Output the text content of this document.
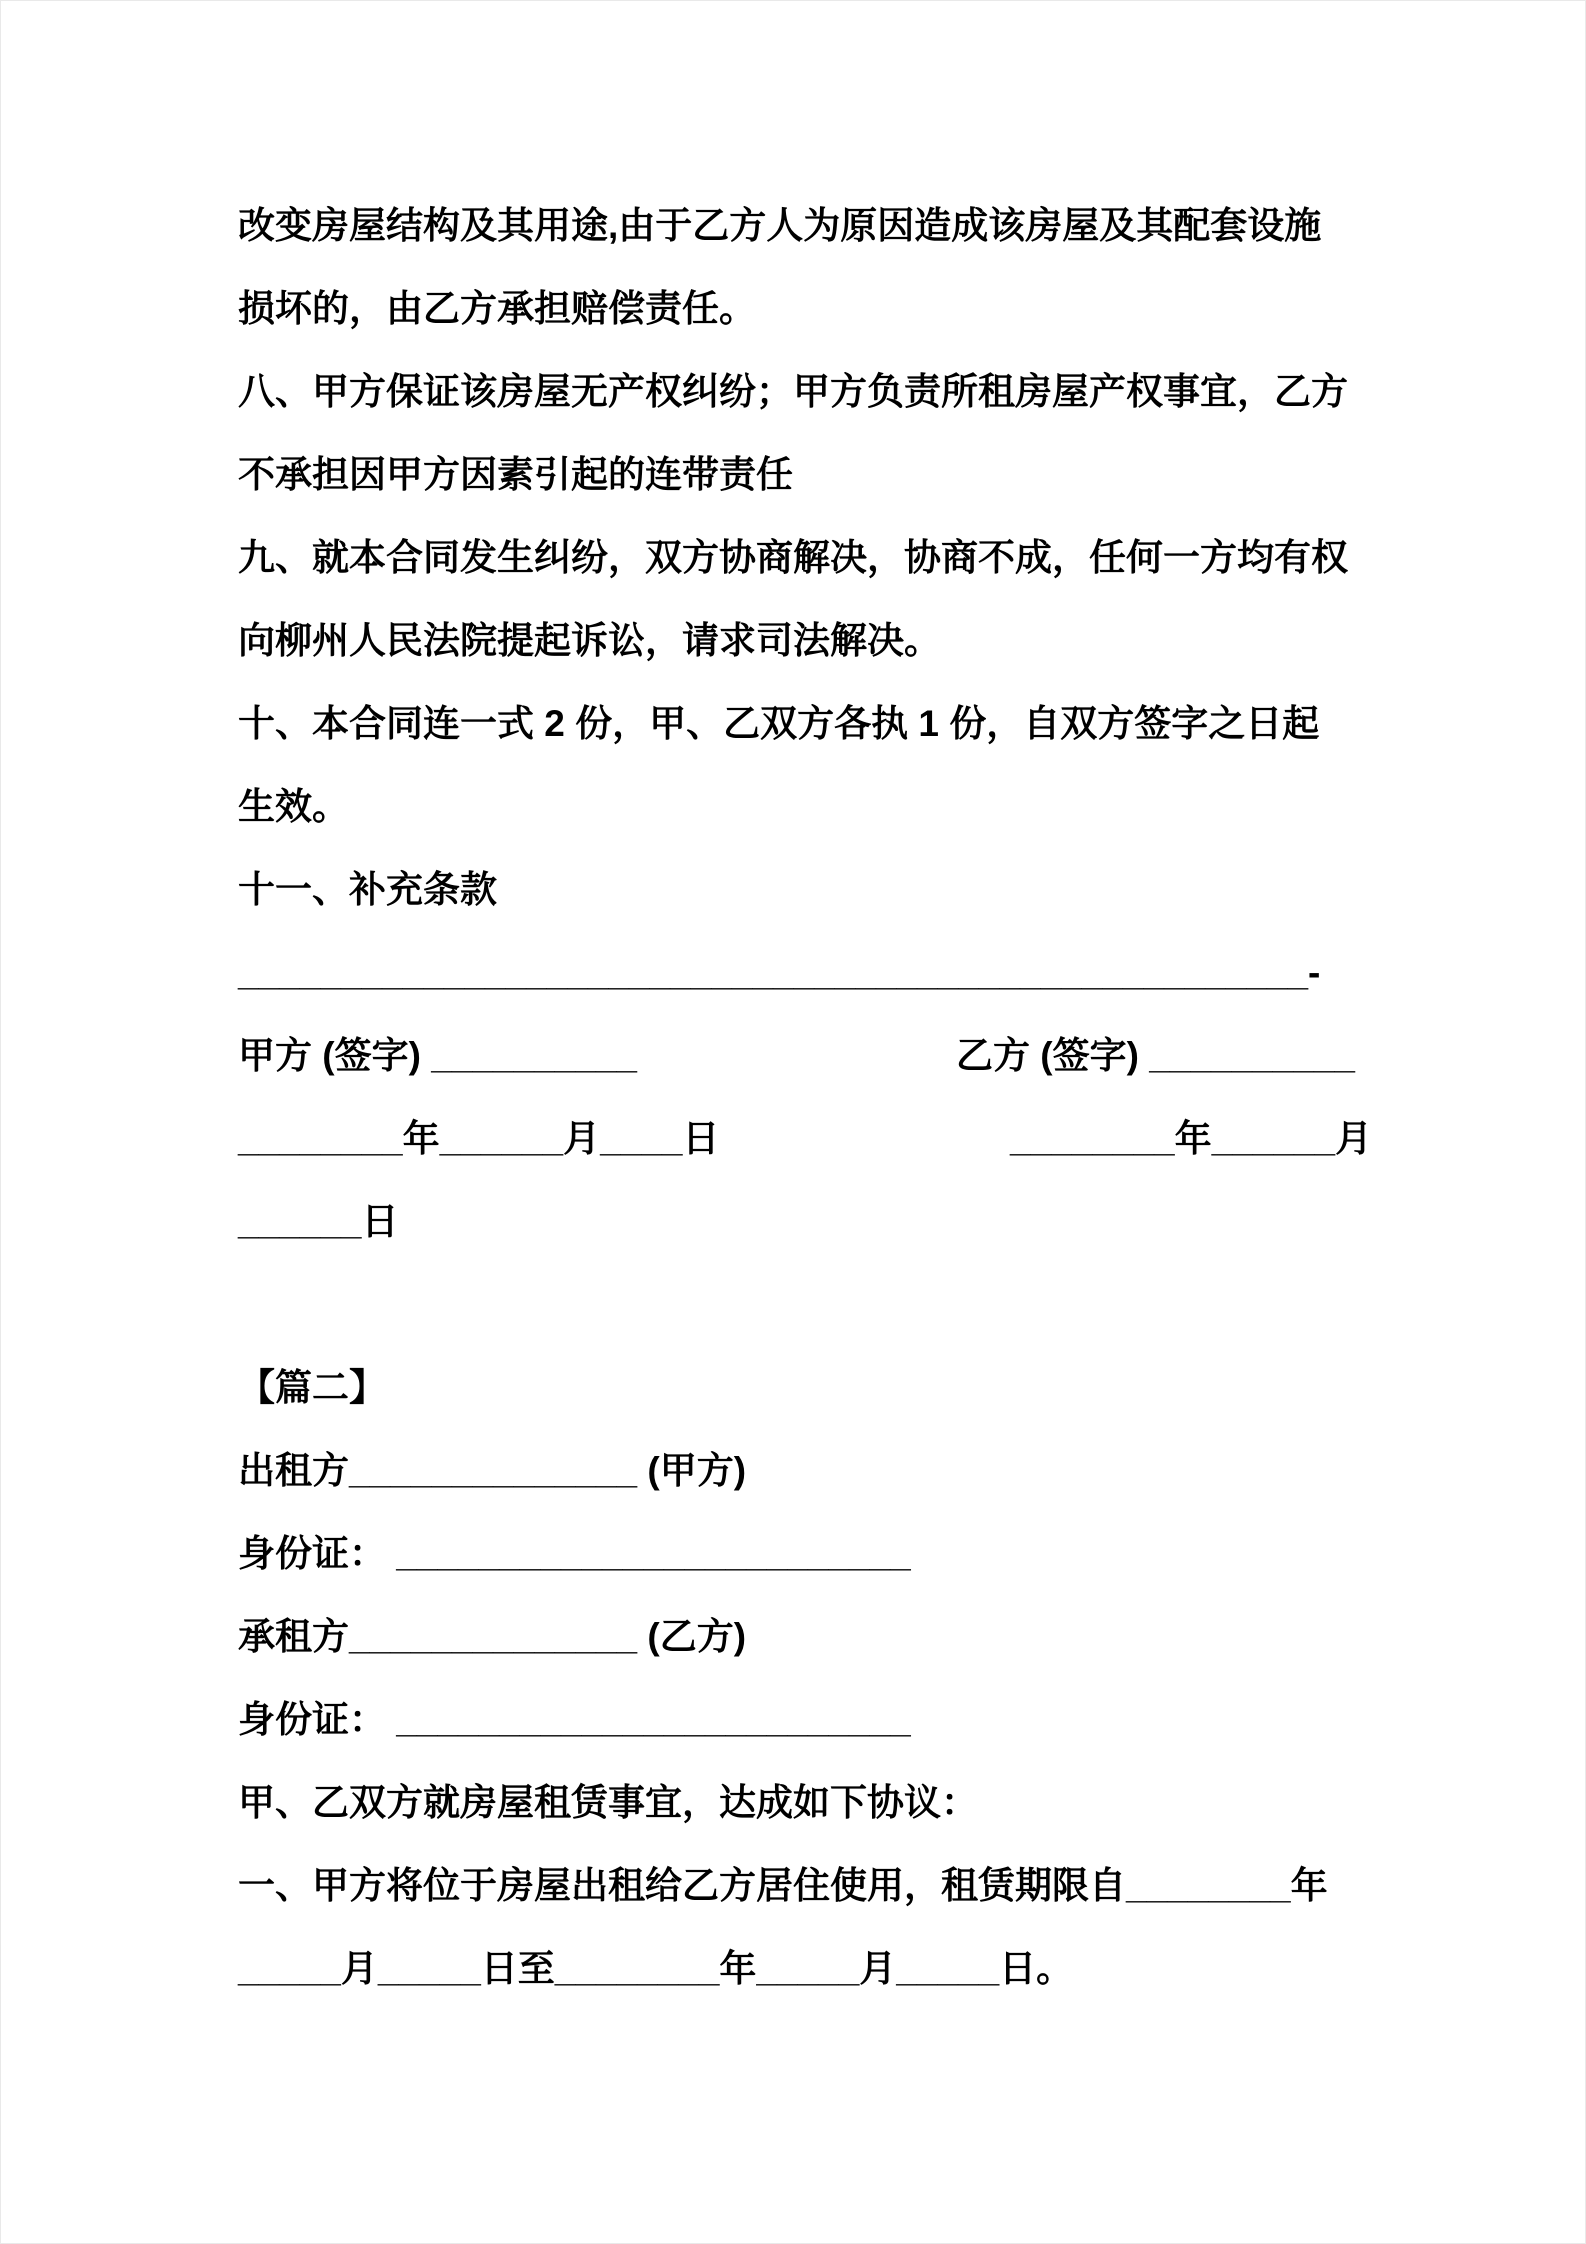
改变房屋结构及其用途,由于乙方人为原因造成该房屋及其配套设施
损坏的，由乙方承担赔偿责任。
八、甲方保证该房屋无产权纠纷；甲方负责所租房屋产权事宜，乙方
不承担因甲方因素引起的连带责任
九、就本合同发生纠纷，双方协商解决，协商不成，任何一方均有权
向柳州人民法院提起诉讼，请求司法解决。
十、本合同连一式 2 份，甲、乙双方各执 1 份，自双方签字之日起
生效。
十一、补充条款
____________________________________________________-
甲方 (签字) __________	乙方 (签字) __________
________年______月____日	________年______月
______日
【篇二】
出租方______________ (甲方)
身份证： _________________________
承租方______________ (乙方)
身份证： _________________________
甲、乙双方就房屋租赁事宜，达成如下协议：
一、甲方将位于房屋出租给乙方居住使用，租赁期限自________年
_____月_____日至________年_____月_____日。
